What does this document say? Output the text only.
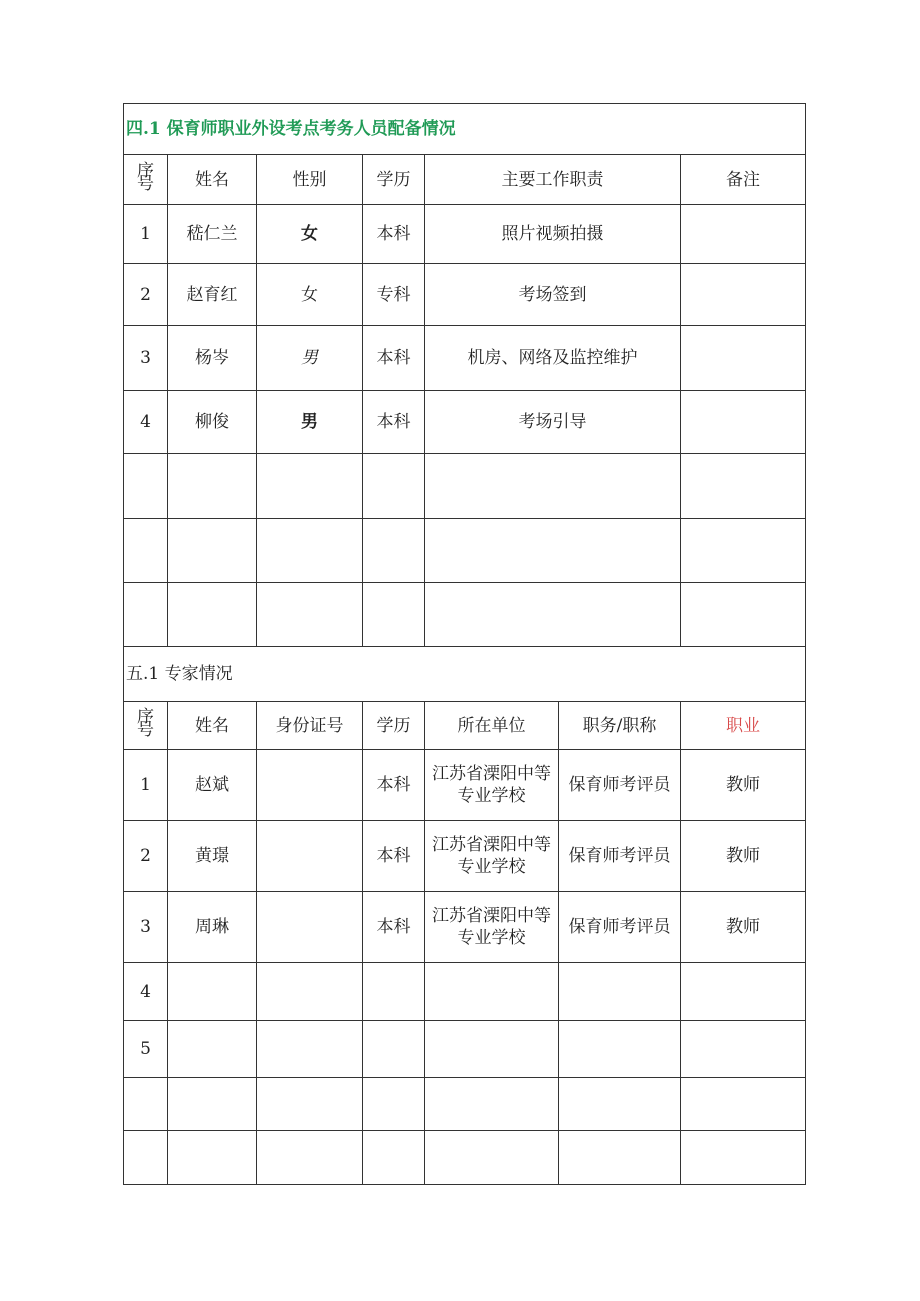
四.1 保育师职业外设考点考务人员配备情况						
序号	姓名	性别	学历	主要工作职责		备注
1	嵇仁兰	女	本科	照片视频拍摄		
2	赵育红	女	专科	考场签到		
3	杨岑	男	本科	机房、网络及监控维护		
4	柳俊	男	本科	考场引导		

五.1 专家情况						
序号	姓名	身份证号	学历	所在单位	职务/职称	职业
1	赵斌		本科	江苏省溧阳中等专业学校	保育师考评员	教师
2	黄璟		本科	江苏省溧阳中等专业学校	保育师考评员	教师
3	周琳		本科	江苏省溧阳中等专业学校	保育师考评员	教师
4						
5						
